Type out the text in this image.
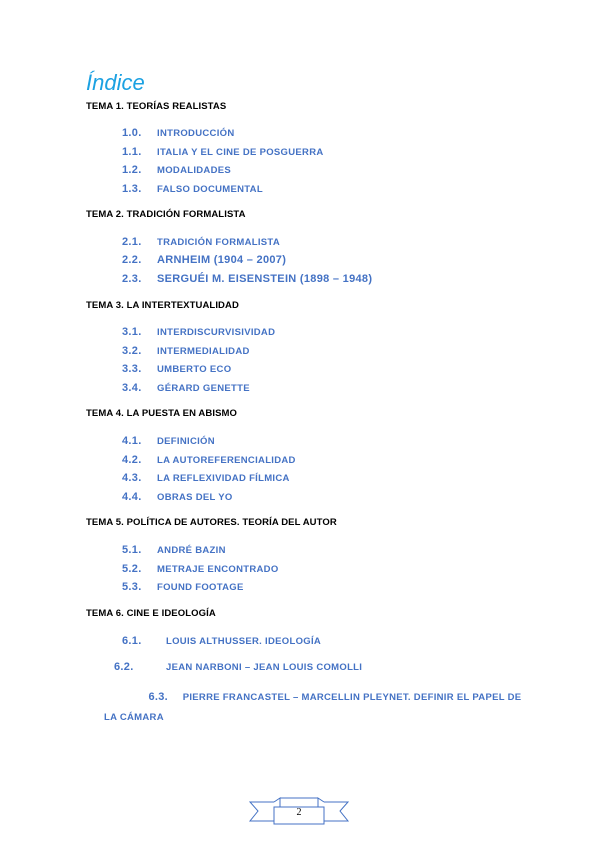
Índice

TEMA 1. TEORÍAS REALISTAS

1.0. INTRODUCCIÓN

1.1. ITALIA Y EL CINE DE POSGUERRA

1.2. MODALIDADES

1.3. FALSO DOCUMENTAL

TEMA 2. TRADICIÓN FORMALISTA

2.1. TRADICIÓN FORMALISTA

2.2. ARNHEIM (1904 – 2007)

2.3. SERGUÉI M. EISENSTEIN (1898 – 1948)

TEMA 3. LA INTERTEXTUALIDAD

3.1. INTERDISCURVISIVIDAD

3.2. INTERMEDIALIDAD

3.3. UMBERTO ECO

3.4. GÉRARD GENETTE

TEMA 4. LA PUESTA EN ABISMO

4.1. DEFINICIÓN

4.2. LA AUTOREFERENCIALIDAD

4.3. LA REFLEXIVIDAD FÍLMICA

4.4. OBRAS DEL YO

TEMA 5. POLÍTICA DE AUTORES. TEORÍA DEL AUTOR

5.1. ANDRÉ BAZIN

5.2. METRAJE ENCONTRADO

5.3. FOUND FOOTAGE

TEMA 6. CINE E IDEOLOGÍA

6.1.	LOUIS ALTHUSSER. IDEOLOGÍA

6.2.	JEAN NARBONI – JEAN LOUIS COMOLLI

6.3. PIERRE FRANCASTEL – MARCELLIN PLEYNET. DEFINIR EL PAPEL DE LA CÁMARA

2
